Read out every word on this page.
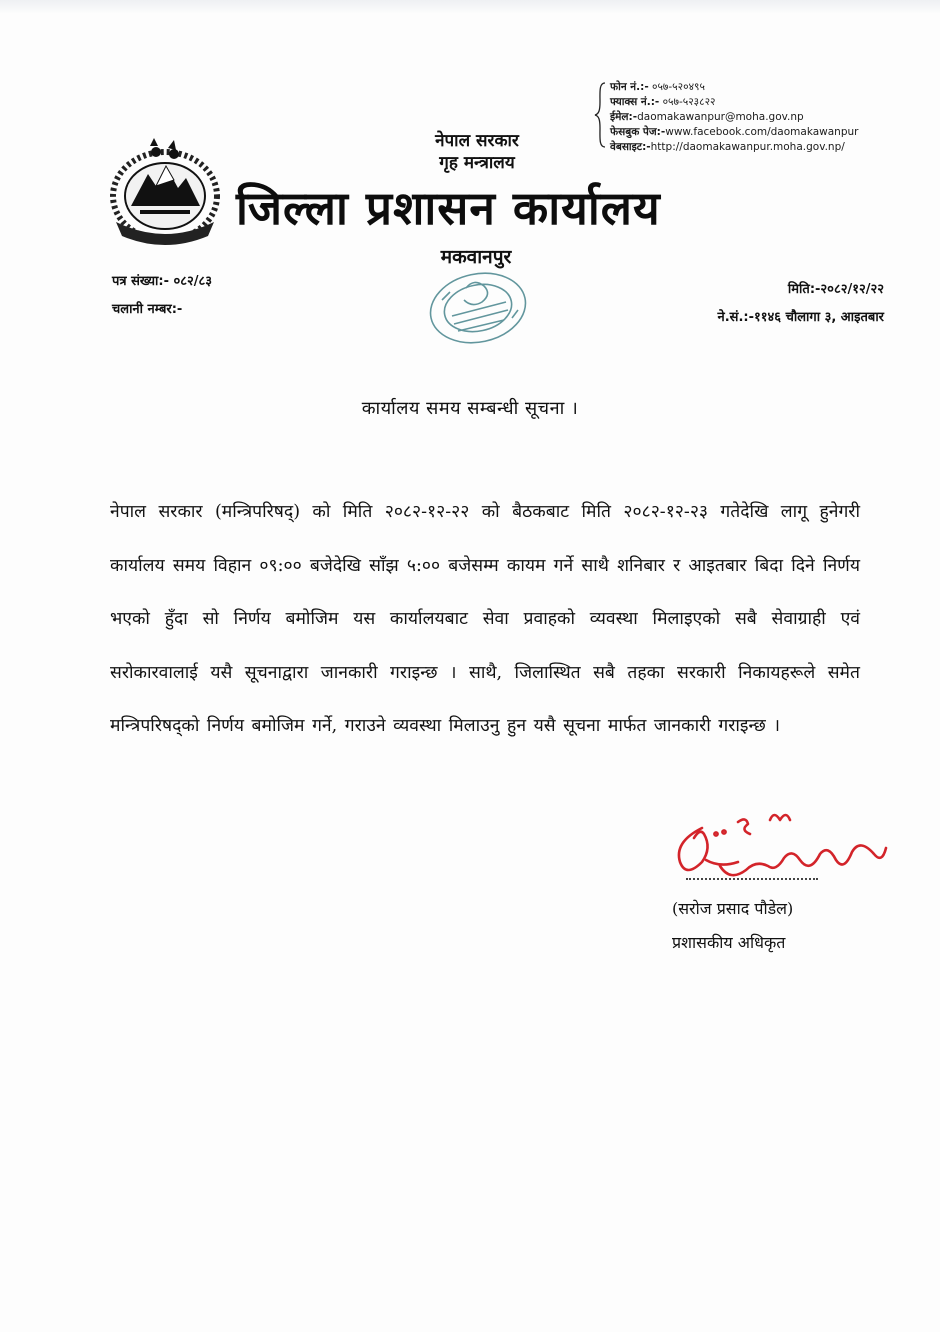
फोन नं.:- ०५७-५२०४९५
फ्याक्स नं.:- ०५७-५२३८२२
ईमेल:-daomakawanpur@moha.gov.np
फेसबुक पेज:-www.facebook.com/daomakawanpur
वेबसाइट:-http://daomakawanpur.moha.gov.np/
नेपाल सरकार
गृह मन्त्रालय
जिल्ला प्रशासन कार्यालय
मकवानपुर
पत्र संख्या:- ०८२/८३
चलानी नम्बर:-
मिति:-२०८२/१२/२२
ने.सं.:-११४६ चौलागा ३, आइतबार
कार्यालय समय सम्बन्धी सूचना ।
नेपाल सरकार (मन्त्रिपरिषद्) को मिति २०८२-१२-२२ को बैठकबाट मिति २०८२-१२-२३ गतेदेखि लागू हुनेगरी कार्यालय समय विहान ०९:०० बजेदेखि साँझ ५:०० बजेसम्म कायम गर्ने साथै शनिबार र आइतबार बिदा दिने निर्णय भएको हुँदा सो निर्णय बमोजिम यस कार्यालयबाट सेवा प्रवाहको व्यवस्था मिलाइएको सबै सेवाग्राही एवं सरोकारवालाई यसै सूचनाद्वारा जानकारी गराइन्छ । साथै, जिलास्थित सबै तहका सरकारी निकायहरूले समेत मन्त्रिपरिषद्को निर्णय बमोजिम गर्ने, गराउने व्यवस्था मिलाउनु हुन यसै सूचना मार्फत जानकारी गराइन्छ ।
(सरोज प्रसाद पौडेल)
प्रशासकीय अधिकृत
